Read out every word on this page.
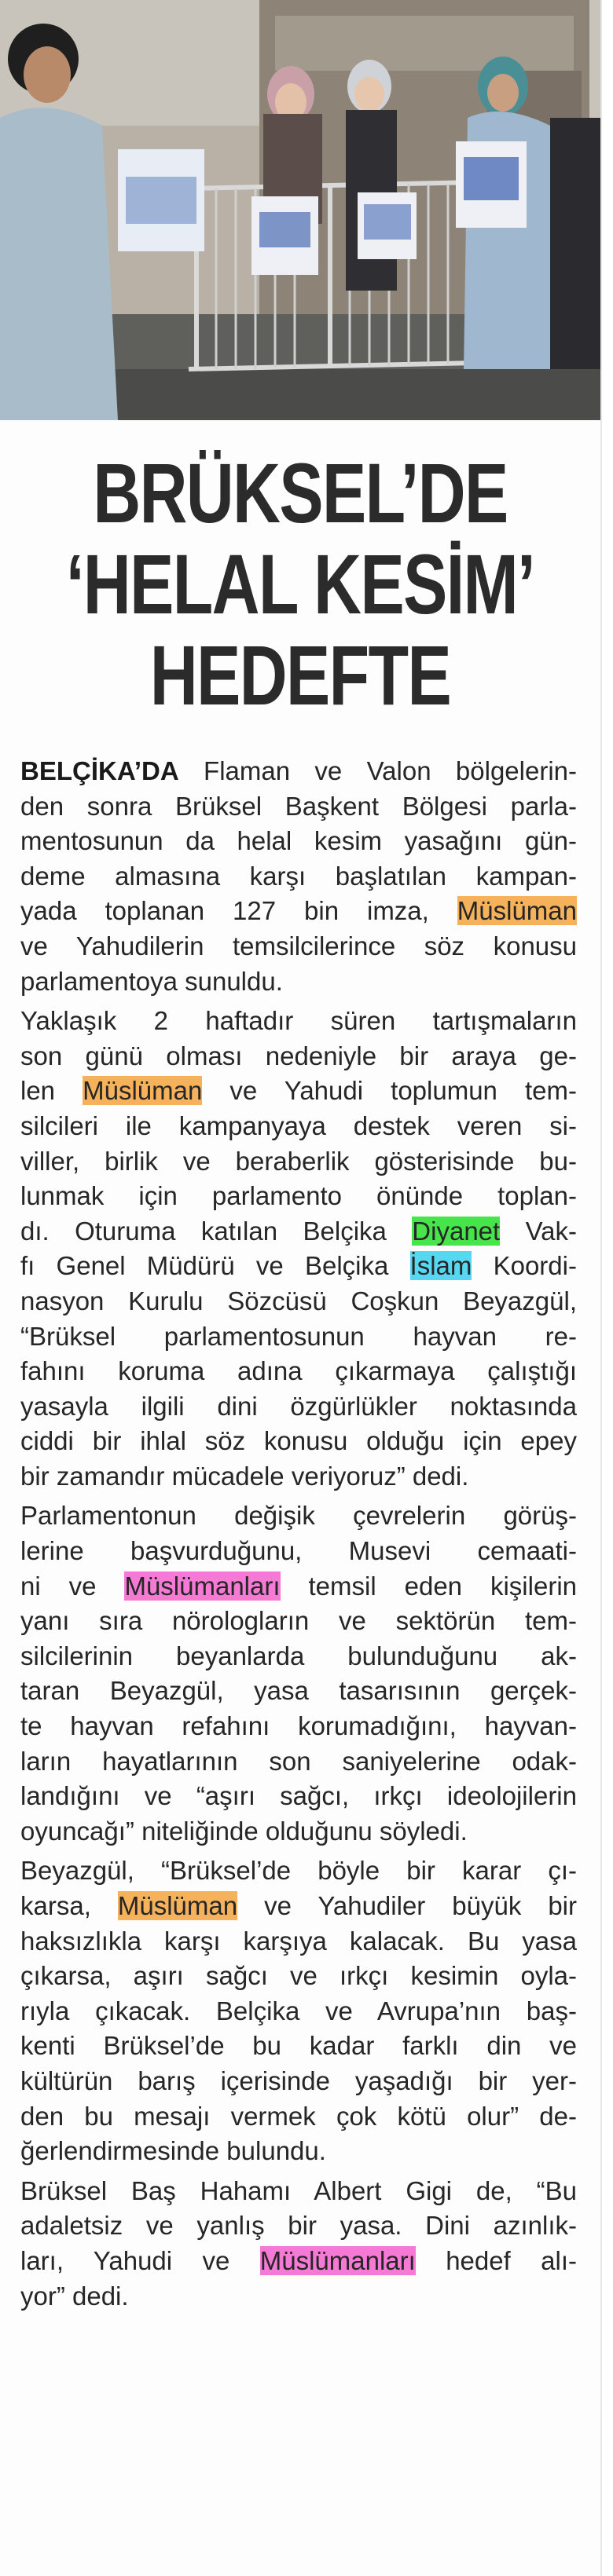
BRÜKSEL’DE
‘HELAL KESİM’
HEDEFTE
BELÇİKA’DA Flaman ve Valon bölgelerin-
den sonra Brüksel Başkent Bölgesi parla-
mentosunun da helal kesim yasağını gün-
deme almasına karşı başlatılan kampan-
yada toplanan 127 bin imza, Müslüman
ve Yahudilerin temsilcilerince söz konusu
parlamentoya sunuldu.
Yaklaşık 2 haftadır süren tartışmaların
son günü olması nedeniyle bir araya ge-
len Müslüman ve Yahudi toplumun tem-
silcileri ile kampanyaya destek veren si-
viller, birlik ve beraberlik gösterisinde bu-
lunmak için parlamento önünde toplan-
dı. Oturuma katılan Belçika Diyanet Vak-
fı Genel Müdürü ve Belçika İslam Koordi-
nasyon Kurulu Sözcüsü Coşkun Beyazgül,
“Brüksel parlamentosunun hayvan re-
fahını koruma adına çıkarmaya çalıştığı
yasayla ilgili dini özgürlükler noktasında
ciddi bir ihlal söz konusu olduğu için epey
bir zamandır mücadele veriyoruz” dedi.
Parlamentonun değişik çevrelerin görüş-
lerine başvurduğunu, Musevi cemaati-
ni ve Müslümanları temsil eden kişilerin
yanı sıra nörologların ve sektörün tem-
silcilerinin beyanlarda bulunduğunu ak-
taran Beyazgül, yasa tasarısının gerçek-
te hayvan refahını korumadığını, hayvan-
ların hayatlarının son saniyelerine odak-
landığını ve “aşırı sağcı, ırkçı ideolojilerin
oyuncağı” niteliğinde olduğunu söyledi.
Beyazgül, “Brüksel’de böyle bir karar çı-
karsa, Müslüman ve Yahudiler büyük bir
haksızlıkla karşı karşıya kalacak. Bu yasa
çıkarsa, aşırı sağcı ve ırkçı kesimin oyla-
rıyla çıkacak. Belçika ve Avrupa’nın baş-
kenti Brüksel’de bu kadar farklı din ve
kültürün barış içerisinde yaşadığı bir yer-
den bu mesajı vermek çok kötü olur” de-
ğerlendirmesinde bulundu.
Brüksel Baş Hahamı Albert Gigi de, “Bu
adaletsiz ve yanlış bir yasa. Dini azınlık-
ları, Yahudi ve Müslümanları hedef alı-
yor” dedi.
